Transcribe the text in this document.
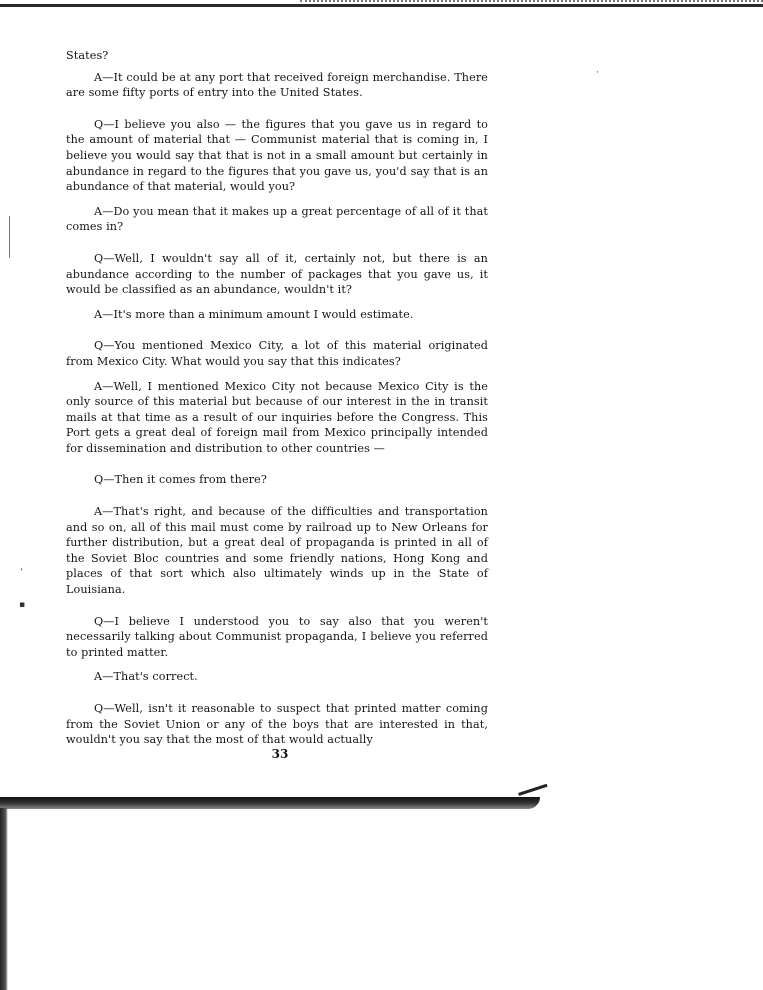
·
ʼ
▪

States?

A—It could be at any port that received foreign merchandise. There are some fifty ports of entry into the United States.

Q—I believe you also — the figures that you gave us in regard to the amount of material that — Communist material that is coming in, I believe you would say that that is not in a small amount but certainly in abundance in regard to the figures that you gave us, you'd say that is an abundance of that material, would you?

A—Do you mean that it makes up a great percentage of all of it that comes in?

Q—Well, I wouldn't say all of it, certainly not, but there is an abundance according to the number of packages that you gave us, it would be classified as an abundance, wouldn't it?

A—It's more than a minimum amount I would estimate.

Q—You mentioned Mexico City, a lot of this material originated from Mexico City. What would you say that this indicates?

A—Well, I mentioned Mexico City not because Mexico City is the only source of this material but because of our interest in the in transit mails at that time as a result of our inquiries before the Congress. This Port gets a great deal of foreign mail from Mexico principally intended for dissemination and distribution to other countries —

Q—Then it comes from there?

A—That's right, and because of the difficulties and transportation and so on, all of this mail must come by railroad up to New Orleans for further distribution, but a great deal of propaganda is printed in all of the Soviet Bloc countries and some friendly nations, Hong Kong and places of that sort which also ultimately winds up in the State of Louisiana.

Q—I believe I understood you to say also that you weren't necessarily talking about Communist propaganda, I believe you referred to printed matter.

A—That's correct.

Q—Well, isn't it reasonable to suspect that printed matter coming from the Soviet Union or any of the boys that are interested in that, wouldn't you say that the most of that would actually

33
